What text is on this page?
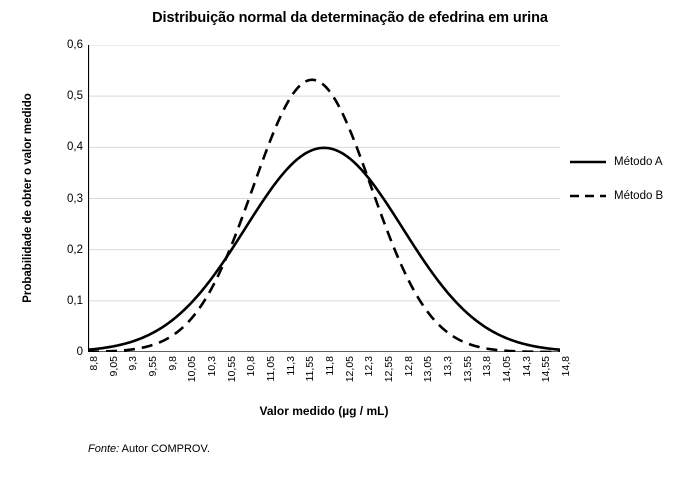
Distribuição normal da determinação de efedrina em urina
Probabilidade de obter o valor medido
0
0,1
0,2
0,3
0,4
0,5
0,6
8,8 9,05 9,3 9,55 9,8 10,05 10,3 10,55 10,8 11,05 11,3 11,55 11,8 12,05 12,3 12,55 12,8 13,05 13,3 13,55 13,8 14,05 14,3 14,55 14,8
Valor medido (µg / mL)
Método A
Método B
Fonte: Autor COMPROV.
